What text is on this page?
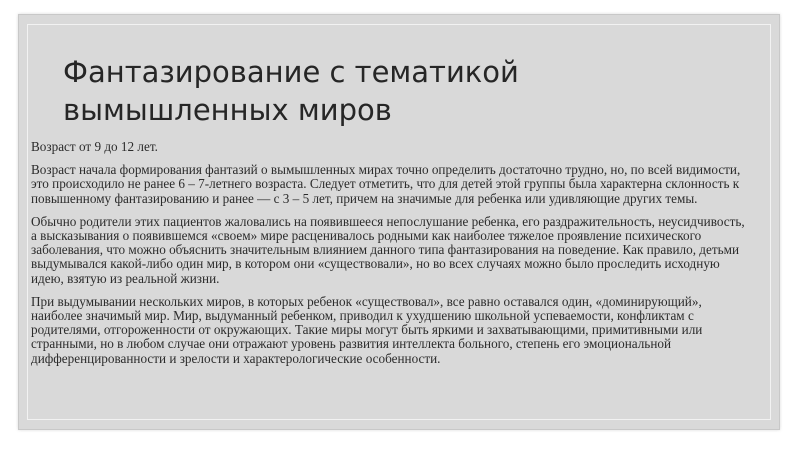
Фантазирование с тематикой вымышленных миров

Возраст от 9 до 12 лет.

Возраст начала формирования фантазий о вымышленных мирах точно определить достаточно трудно, но, по всей видимости, это происходило не ранее 6 – 7-летнего возраста. Следует отметить, что для детей этой группы была характерна склонность к повышенному фантазированию и ранее — с 3 – 5 лет, причем на значимые для ребенка или удивляющие других темы.

Обычно родители этих пациентов жаловались на появившееся непослушание ребенка, его раздражительность, неусидчивость, а высказывания о появившемся «своем» мире расценивалось родными как наиболее тяжелое проявление психического заболевания, что можно объяснить значительным влиянием данного типа фантазирования на поведение. Как правило, детьми выдумывался какой-либо один мир, в котором они «существовали», но во всех случаях можно было проследить исходную идею, взятую из реальной жизни.

При выдумывании нескольких миров, в которых ребенок «существовал», все равно оставался один, «доминирующий», наиболее значимый мир. Мир, выдуманный ребенком, приводил к ухудшению школьной успеваемости, конфликтам с родителями, отгороженности от окружающих. Такие миры могут быть яркими и захватывающими, примитивными или странными, но в любом случае они отражают уровень развития интеллекта больного, степень его эмоциональной дифференцированности и зрелости и характерологические особенности.
